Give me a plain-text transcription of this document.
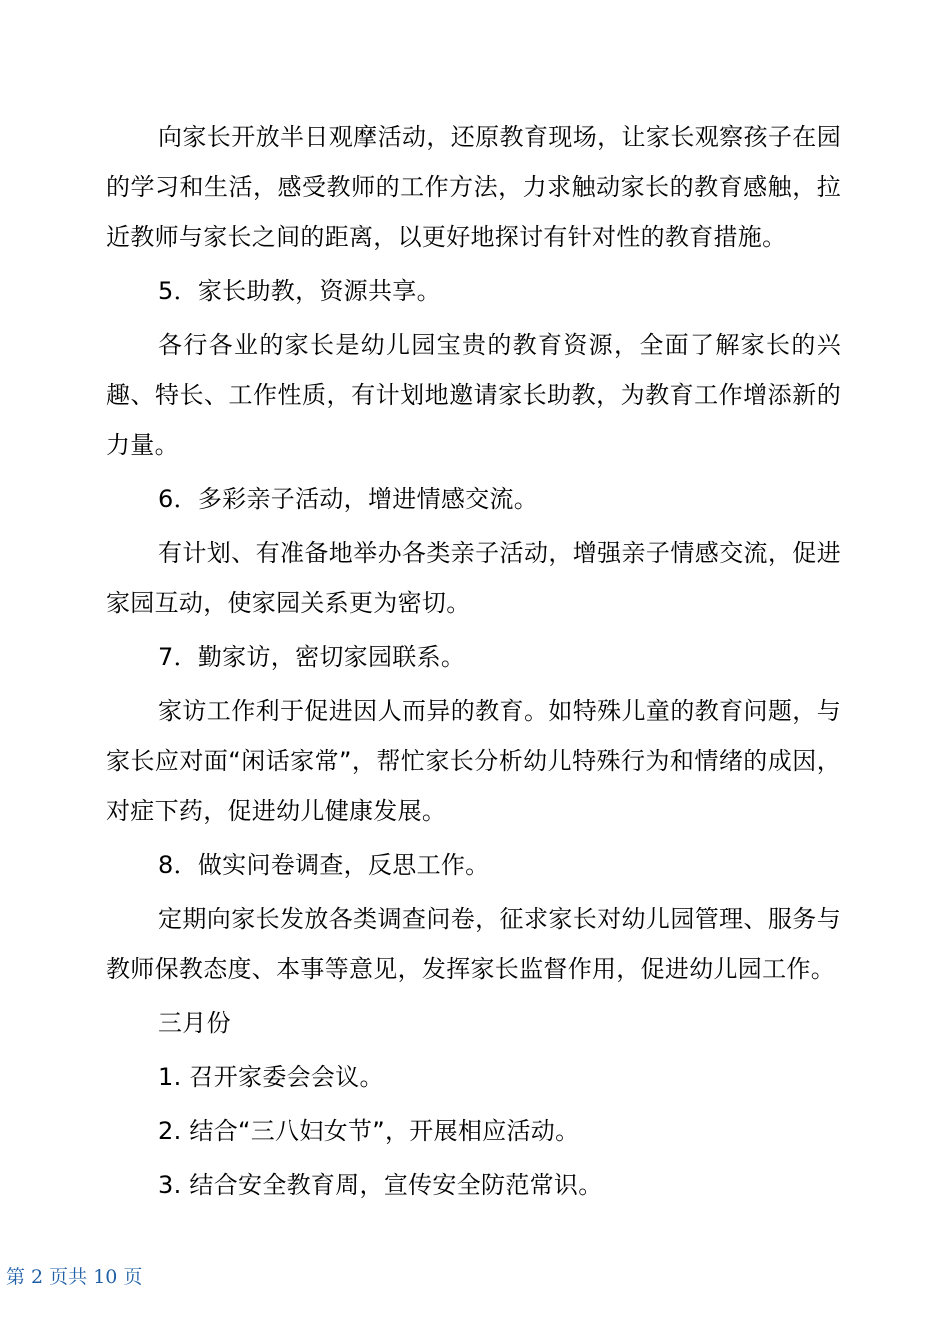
向家长开放半日观摩活动，还原教育现场，让家长观察孩子在园的学习和生活，感受教师的工作方法，力求触动家长的教育感触，拉近教师与家长之间的距离，以更好地探讨有针对性的教育措施。

5．家长助教，资源共享。

各行各业的家长是幼儿园宝贵的教育资源，全面了解家长的兴趣、特长、工作性质，有计划地邀请家长助教，为教育工作增添新的力量。

6．多彩亲子活动，增进情感交流。

有计划、有准备地举办各类亲子活动，增强亲子情感交流，促进家园互动，使家园关系更为密切。

7．勤家访，密切家园联系。

家访工作利于促进因人而异的教育。如特殊儿童的教育问题，与家长应对面“闲话家常”，帮忙家长分析幼儿特殊行为和情绪的成因，对症下药，促进幼儿健康发展。

8．做实问卷调查，反思工作。

定期向家长发放各类调查问卷，征求家长对幼儿园管理、服务与教师保教态度、本事等意见，发挥家长监督作用，促进幼儿园工作。

三月份

1. 召开家委会会议。

2. 结合“三八妇女节”，开展相应活动。

3. 结合安全教育周，宣传安全防范常识。

第 2 页共 10 页
